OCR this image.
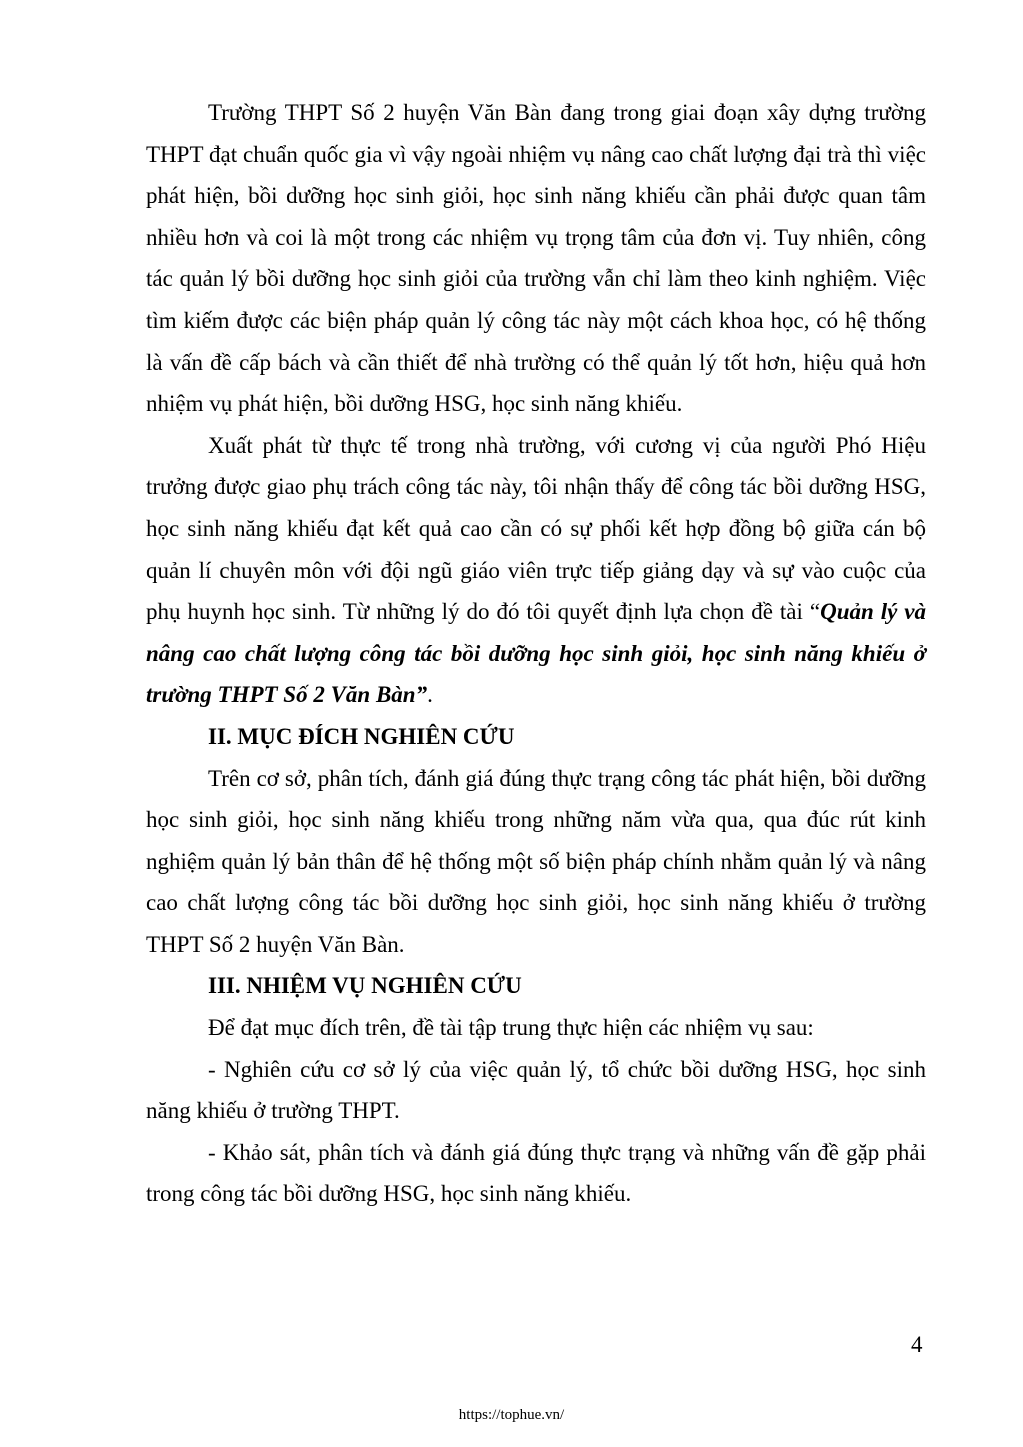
Trường THPT Số 2 huyện Văn Bàn đang trong giai đoạn xây dựng trường THPT đạt chuẩn quốc gia vì vậy ngoài nhiệm vụ nâng cao chất lượng đại trà thì việc phát hiện, bồi dưỡng học sinh giỏi, học sinh năng khiếu cần phải được quan tâm nhiều hơn và coi là một trong các nhiệm vụ trọng tâm của đơn vị. Tuy nhiên, công tác quản lý bồi dưỡng học sinh giỏi của trường vẫn chỉ làm theo kinh nghiệm. Việc tìm kiếm được các biện pháp quản lý công tác này một cách khoa học, có hệ thống là vấn đề cấp bách và cần thiết để nhà trường có thể quản lý tốt hơn, hiệu quả hơn nhiệm vụ phát hiện, bồi dưỡng HSG, học sinh năng khiếu.

Xuất phát từ thực tế trong nhà trường, với cương vị của người Phó Hiệu trưởng được giao phụ trách công tác này, tôi nhận thấy để công tác bồi dưỡng HSG, học sinh năng khiếu đạt kết quả cao cần có sự phối kết hợp đồng bộ giữa cán bộ quản lí chuyên môn với đội ngũ giáo viên trực tiếp giảng dạy và sự vào cuộc của phụ huynh học sinh. Từ những lý do đó tôi quyết định lựa chọn đề tài “Quản lý và nâng cao chất lượng công tác bồi dưỡng học sinh giỏi, học sinh năng khiếu ở trường THPT Số 2 Văn Bàn”.

II. MỤC ĐÍCH NGHIÊN CỨU

Trên cơ sở, phân tích, đánh giá đúng thực trạng công tác phát hiện, bồi dưỡng học sinh giỏi, học sinh năng khiếu trong những năm vừa qua, qua đúc rút kinh nghiệm quản lý bản thân để hệ thống một số biện pháp chính nhằm quản lý và nâng cao chất lượng công tác bồi dưỡng học sinh giỏi, học sinh năng khiếu ở trường THPT Số 2 huyện Văn Bàn.

III. NHIỆM VỤ NGHIÊN CỨU

Để đạt mục đích trên, đề tài tập trung thực hiện các nhiệm vụ sau:

- Nghiên cứu cơ sở lý của việc quản lý, tổ chức bồi dưỡng HSG, học sinh năng khiếu ở trường THPT.

- Khảo sát, phân tích và đánh giá đúng thực trạng và những vấn đề gặp phải trong công tác bồi dưỡng HSG, học sinh năng khiếu.

4
https://tophue.vn/
